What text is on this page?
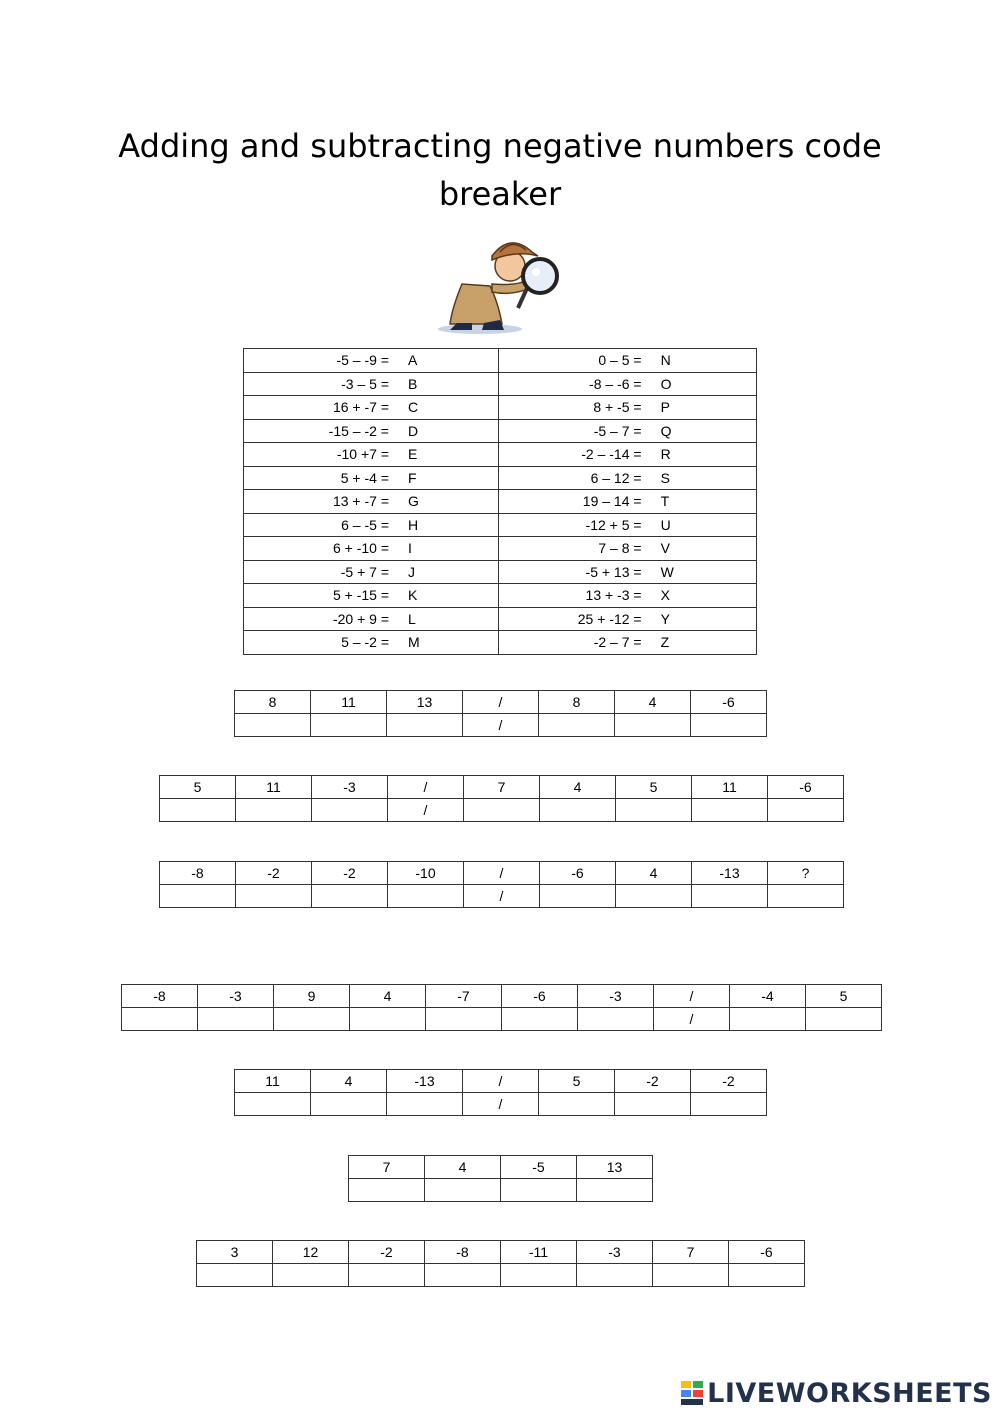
Adding and subtracting negative numbers code breaker
-5 – -9 = A	0 – 5 = N

-3 – 5 = B	-8 – -6 = O

16 + -7 = C	8 + -5 = P

-15 – -2 = D	-5 – 7 = Q

-10 +7 = E	-2 – -14 = R

5 + -4 = F	6 – 12 = S

13 + -7 = G	19 – 14 = T

6 – -5 = H	-12 + 5 = U

6 + -10 = I	7 – 8 = V

-5 + 7 = J	-5 + 13 = W

5 + -15 = K	13 + -3 = X

-20 + 9 = L	25 + -12 = Y

5 – -2 = M	-2 – 7 = Z
8	11	13	/	8	4	-6
			/			
5	11	-3	/	7	4	5	11	-6
			/					
-8	-2	-2	-10	/	-6	4	-13	?
				/				
-8	-3	9	4	-7	-6	-3	/	-4	5
							/		
11	4	-13	/	5	-2	-2
			/			
7	4	-5	13

3	12	-2	-8	-11	-3	7	-6

LIVEWORKSHEETS
